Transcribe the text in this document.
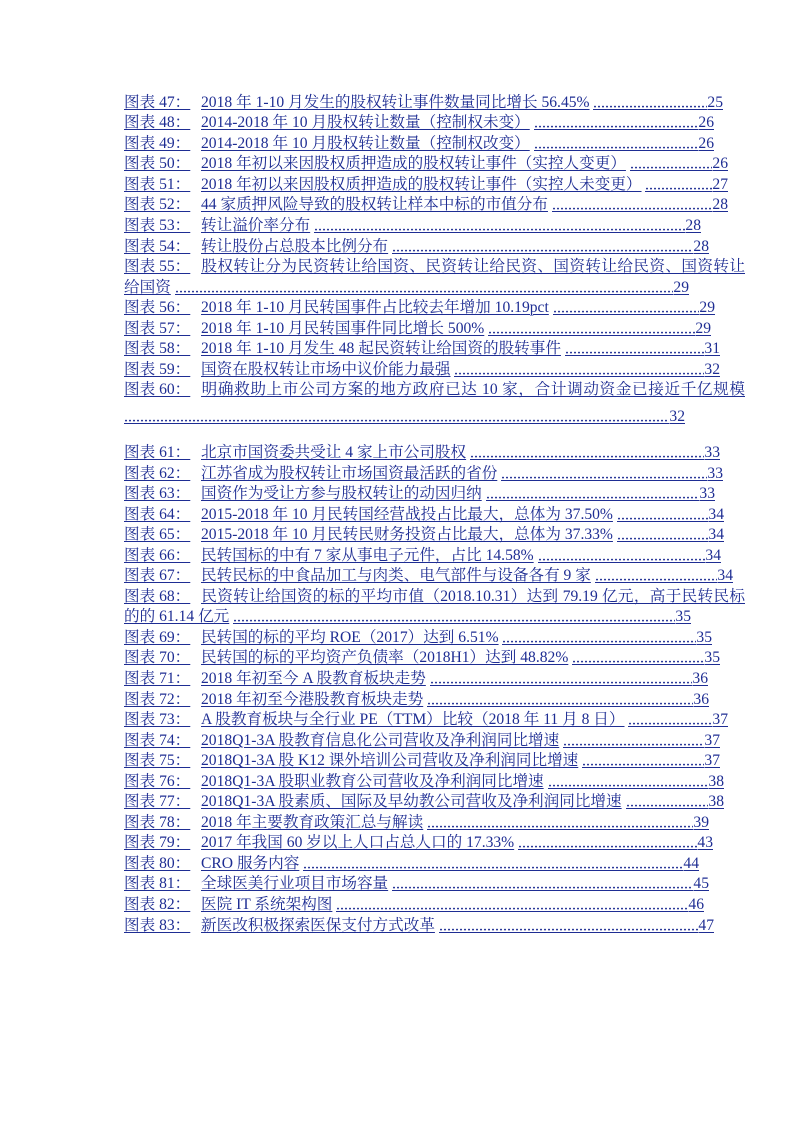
图表 47： 2018 年 1-10 月发生的股权转让事件数量同比增长 56.45%	25
图表 48： 2014-2018 年 10 月股权转让数量（控制权未变）	26
图表 49： 2014-2018 年 10 月股权转让数量（控制权改变）	26
图表 50： 2018 年初以来因股权质押造成的股权转让事件（实控人变更）	26
图表 51： 2018 年初以来因股权质押造成的股权转让事件（实控人未变更）	27
图表 52： 44 家质押风险导致的股权转让样本中标的市值分布	28
图表 53： 转让溢价率分布	28
图表 54： 转让股份占总股本比例分布	28
图表 55： 股权转让分为民资转让给国资、民资转让给民资、国资转让给民资、国资转让给国资	29
图表 56： 2018 年 1-10 月民转国事件占比较去年增加 10.19pct	29
图表 57： 2018 年 1-10 月民转国事件同比增长 500%	29
图表 58： 2018 年 1-10 月发生 48 起民资转让给国资的股转事件	31
图表 59： 国资在股权转让市场中议价能力最强	32
图表 60： 明确救助上市公司方案的地方政府已达 10 家，合计调动资金已接近千亿规模 32
图表 61： 北京市国资委共受让 4 家上市公司股权	33
图表 62： 江苏省成为股权转让市场国资最活跃的省份	33
图表 63： 国资作为受让方参与股权转让的动因归纳	33
图表 64： 2015-2018 年 10 月民转国经营战投占比最大，总体为 37.50%	34
图表 65： 2015-2018 年 10 月民转民财务投资占比最大，总体为 37.33%	34
图表 66： 民转国标的中有 7 家从事电子元件，占比 14.58%	34
图表 67： 民转民标的中食品加工与肉类、电气部件与设备各有 9 家	34
图表 68： 民资转让给国资的标的平均市值（2018.10.31）达到 79.19 亿元，高于民转民标的的 61.14 亿元	35
图表 69： 民转国的标的平均 ROE（2017）达到 6.51%	35
图表 70： 民转国的标的平均资产负债率（2018H1）达到 48.82%	35
图表 71： 2018 年初至今 A 股教育板块走势	36
图表 72： 2018 年初至今港股教育板块走势	36
图表 73： A 股教育板块与全行业 PE（TTM）比较（2018 年 11 月 8 日）	37
图表 74： 2018Q1-3A 股教育信息化公司营收及净利润同比增速	37
图表 75： 2018Q1-3A 股 K12 课外培训公司营收及净利润同比增速	37
图表 76： 2018Q1-3A 股职业教育公司营收及净利润同比增速	38
图表 77： 2018Q1-3A 股素质、国际及早幼教公司营收及净利润同比增速	38
图表 78： 2018 年主要教育政策汇总与解读	39
图表 79： 2017 年我国 60 岁以上人口占总人口的 17.33%	43
图表 80： CRO 服务内容	44
图表 81： 全球医美行业项目市场容量	45
图表 82： 医院 IT 系统架构图	46
图表 83： 新医改积极探索医保支付方式改革	47
